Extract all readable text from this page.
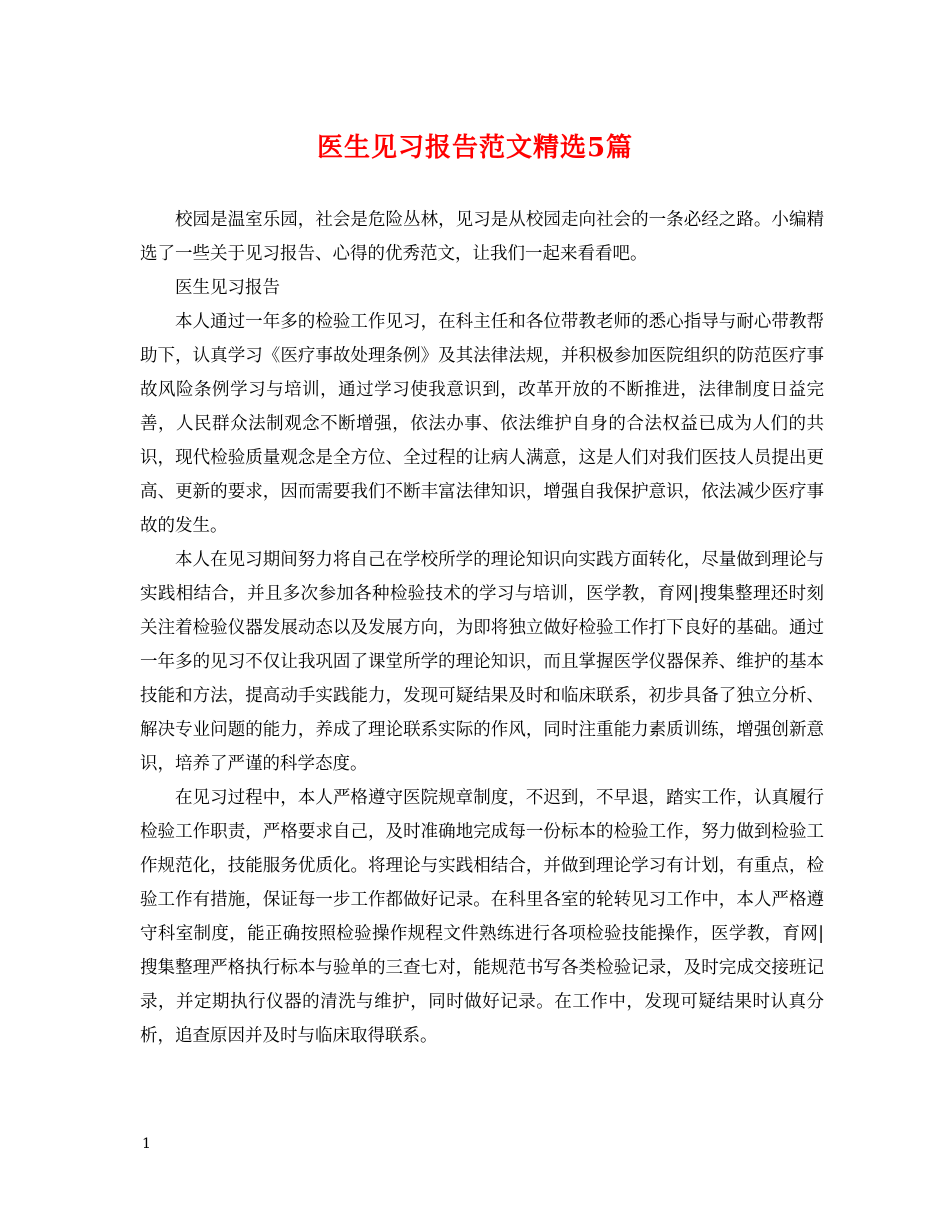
医生见习报告范文精选5篇

校园是温室乐园，社会是危险丛林，见习是从校园走向社会的一条必经之路。小编精选了一些关于见习报告、心得的优秀范文，让我们一起来看看吧。

医生见习报告

本人通过一年多的检验工作见习，在科主任和各位带教老师的悉心指导与耐心带教帮助下，认真学习《医疗事故处理条例》及其法律法规，并积极参加医院组织的防范医疗事故风险条例学习与培训，通过学习使我意识到，改革开放的不断推进，法律制度日益完善，人民群众法制观念不断增强，依法办事、依法维护自身的合法权益已成为人们的共识，现代检验质量观念是全方位、全过程的让病人满意，这是人们对我们医技人员提出更高、更新的要求，因而需要我们不断丰富法律知识，增强自我保护意识，依法减少医疗事故的发生。

本人在见习期间努力将自己在学校所学的理论知识向实践方面转化，尽量做到理论与实践相结合，并且多次参加各种检验技术的学习与培训，医学教，育网|搜集整理还时刻关注着检验仪器发展动态以及发展方向，为即将独立做好检验工作打下良好的基础。通过一年多的见习不仅让我巩固了课堂所学的理论知识，而且掌握医学仪器保养、维护的基本技能和方法，提高动手实践能力，发现可疑结果及时和临床联系，初步具备了独立分析、解决专业问题的能力，养成了理论联系实际的作风，同时注重能力素质训练，增强创新意识，培养了严谨的科学态度。

在见习过程中，本人严格遵守医院规章制度，不迟到，不早退，踏实工作，认真履行检验工作职责，严格要求自己，及时准确地完成每一份标本的检验工作，努力做到检验工作规范化，技能服务优质化。将理论与实践相结合，并做到理论学习有计划，有重点，检验工作有措施，保证每一步工作都做好记录。在科里各室的轮转见习工作中，本人严格遵守科室制度，能正确按照检验操作规程文件熟练进行各项检验技能操作，医学教，育网|搜集整理严格执行标本与验单的三查七对，能规范书写各类检验记录，及时完成交接班记录，并定期执行仪器的清洗与维护，同时做好记录。在工作中，发现可疑结果时认真分析，追查原因并及时与临床取得联系。

1
